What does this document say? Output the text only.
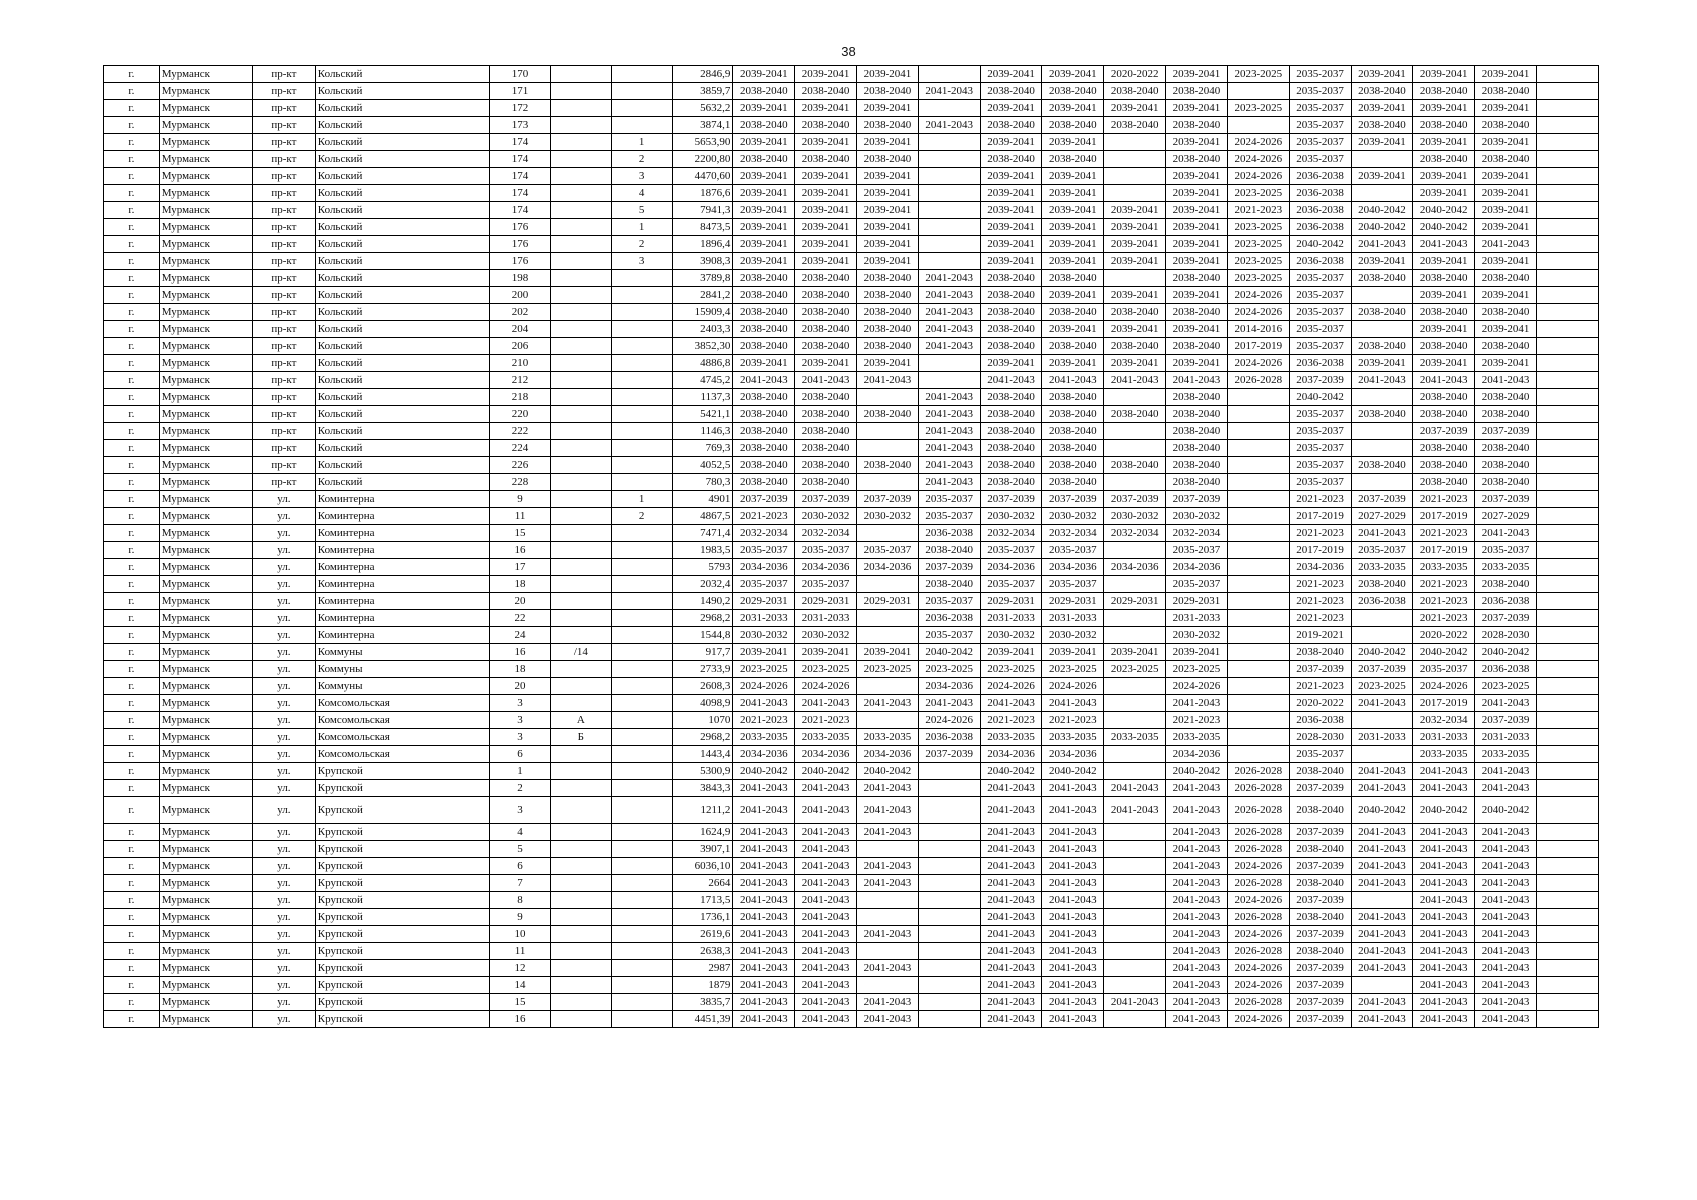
38
г.	Мурманск	пр-кт	Кольский	170			2846,9	2039-2041	2039-2041	2039-2041		2039-2041	2039-2041	2020-2022	2039-2041	2023-2025	2035-2037	2039-2041	2039-2041	2039-2041	
г.	Мурманск	пр-кт	Кольский	171			3859,7	2038-2040	2038-2040	2038-2040	2041-2043	2038-2040	2038-2040	2038-2040	2038-2040		2035-2037	2038-2040	2038-2040	2038-2040	
г.	Мурманск	пр-кт	Кольский	172			5632,2	2039-2041	2039-2041	2039-2041		2039-2041	2039-2041	2039-2041	2039-2041	2023-2025	2035-2037	2039-2041	2039-2041	2039-2041	
г.	Мурманск	пр-кт	Кольский	173			3874,1	2038-2040	2038-2040	2038-2040	2041-2043	2038-2040	2038-2040	2038-2040	2038-2040		2035-2037	2038-2040	2038-2040	2038-2040	
г.	Мурманск	пр-кт	Кольский	174		1	5653,90	2039-2041	2039-2041	2039-2041		2039-2041	2039-2041		2039-2041	2024-2026	2035-2037	2039-2041	2039-2041	2039-2041	
г.	Мурманск	пр-кт	Кольский	174		2	2200,80	2038-2040	2038-2040	2038-2040		2038-2040	2038-2040		2038-2040	2024-2026	2035-2037		2038-2040	2038-2040	
г.	Мурманск	пр-кт	Кольский	174		3	4470,60	2039-2041	2039-2041	2039-2041		2039-2041	2039-2041		2039-2041	2024-2026	2036-2038	2039-2041	2039-2041	2039-2041	
г.	Мурманск	пр-кт	Кольский	174		4	1876,6	2039-2041	2039-2041	2039-2041		2039-2041	2039-2041		2039-2041	2023-2025	2036-2038		2039-2041	2039-2041	
г.	Мурманск	пр-кт	Кольский	174		5	7941,3	2039-2041	2039-2041	2039-2041		2039-2041	2039-2041	2039-2041	2039-2041	2021-2023	2036-2038	2040-2042	2040-2042	2039-2041	
г.	Мурманск	пр-кт	Кольский	176		1	8473,5	2039-2041	2039-2041	2039-2041		2039-2041	2039-2041	2039-2041	2039-2041	2023-2025	2036-2038	2040-2042	2040-2042	2039-2041	
г.	Мурманск	пр-кт	Кольский	176		2	1896,4	2039-2041	2039-2041	2039-2041		2039-2041	2039-2041	2039-2041	2039-2041	2023-2025	2040-2042	2041-2043	2041-2043	2041-2043	
г.	Мурманск	пр-кт	Кольский	176		3	3908,3	2039-2041	2039-2041	2039-2041		2039-2041	2039-2041	2039-2041	2039-2041	2023-2025	2036-2038	2039-2041	2039-2041	2039-2041	
г.	Мурманск	пр-кт	Кольский	198			3789,8	2038-2040	2038-2040	2038-2040	2041-2043	2038-2040	2038-2040		2038-2040	2023-2025	2035-2037	2038-2040	2038-2040	2038-2040	
г.	Мурманск	пр-кт	Кольский	200			2841,2	2038-2040	2038-2040	2038-2040	2041-2043	2038-2040	2039-2041	2039-2041	2039-2041	2024-2026	2035-2037		2039-2041	2039-2041	
г.	Мурманск	пр-кт	Кольский	202			15909,4	2038-2040	2038-2040	2038-2040	2041-2043	2038-2040	2038-2040	2038-2040	2038-2040	2024-2026	2035-2037	2038-2040	2038-2040	2038-2040	
г.	Мурманск	пр-кт	Кольский	204			2403,3	2038-2040	2038-2040	2038-2040	2041-2043	2038-2040	2039-2041	2039-2041	2039-2041	2014-2016	2035-2037		2039-2041	2039-2041	
г.	Мурманск	пр-кт	Кольский	206			3852,30	2038-2040	2038-2040	2038-2040	2041-2043	2038-2040	2038-2040	2038-2040	2038-2040	2017-2019	2035-2037	2038-2040	2038-2040	2038-2040	
г.	Мурманск	пр-кт	Кольский	210			4886,8	2039-2041	2039-2041	2039-2041		2039-2041	2039-2041	2039-2041	2039-2041	2024-2026	2036-2038	2039-2041	2039-2041	2039-2041	
г.	Мурманск	пр-кт	Кольский	212			4745,2	2041-2043	2041-2043	2041-2043		2041-2043	2041-2043	2041-2043	2041-2043	2026-2028	2037-2039	2041-2043	2041-2043	2041-2043	
г.	Мурманск	пр-кт	Кольский	218			1137,3	2038-2040	2038-2040		2041-2043	2038-2040	2038-2040		2038-2040		2040-2042		2038-2040	2038-2040	
г.	Мурманск	пр-кт	Кольский	220			5421,1	2038-2040	2038-2040	2038-2040	2041-2043	2038-2040	2038-2040	2038-2040	2038-2040		2035-2037	2038-2040	2038-2040	2038-2040	
г.	Мурманск	пр-кт	Кольский	222			1146,3	2038-2040	2038-2040		2041-2043	2038-2040	2038-2040		2038-2040		2035-2037		2037-2039	2037-2039	
г.	Мурманск	пр-кт	Кольский	224			769,3	2038-2040	2038-2040		2041-2043	2038-2040	2038-2040		2038-2040		2035-2037		2038-2040	2038-2040	
г.	Мурманск	пр-кт	Кольский	226			4052,5	2038-2040	2038-2040	2038-2040	2041-2043	2038-2040	2038-2040	2038-2040	2038-2040		2035-2037	2038-2040	2038-2040	2038-2040	
г.	Мурманск	пр-кт	Кольский	228			780,3	2038-2040	2038-2040		2041-2043	2038-2040	2038-2040		2038-2040		2035-2037		2038-2040	2038-2040	
г.	Мурманск	ул.	Коминтерна	9		1	4901	2037-2039	2037-2039	2037-2039	2035-2037	2037-2039	2037-2039	2037-2039	2037-2039		2021-2023	2037-2039	2021-2023	2037-2039	
г.	Мурманск	ул.	Коминтерна	11		2	4867,5	2021-2023	2030-2032	2030-2032	2035-2037	2030-2032	2030-2032	2030-2032	2030-2032		2017-2019	2027-2029	2017-2019	2027-2029	
г.	Мурманск	ул.	Коминтерна	15			7471,4	2032-2034	2032-2034		2036-2038	2032-2034	2032-2034	2032-2034	2032-2034		2021-2023	2041-2043	2021-2023	2041-2043	
г.	Мурманск	ул.	Коминтерна	16			1983,5	2035-2037	2035-2037	2035-2037	2038-2040	2035-2037	2035-2037		2035-2037		2017-2019	2035-2037	2017-2019	2035-2037	
г.	Мурманск	ул.	Коминтерна	17			5793	2034-2036	2034-2036	2034-2036	2037-2039	2034-2036	2034-2036	2034-2036	2034-2036		2034-2036	2033-2035	2033-2035	2033-2035	
г.	Мурманск	ул.	Коминтерна	18			2032,4	2035-2037	2035-2037		2038-2040	2035-2037	2035-2037		2035-2037		2021-2023	2038-2040	2021-2023	2038-2040	
г.	Мурманск	ул.	Коминтерна	20			1490,2	2029-2031	2029-2031	2029-2031	2035-2037	2029-2031	2029-2031	2029-2031	2029-2031		2021-2023	2036-2038	2021-2023	2036-2038	
г.	Мурманск	ул.	Коминтерна	22			2968,2	2031-2033	2031-2033		2036-2038	2031-2033	2031-2033		2031-2033		2021-2023		2021-2023	2037-2039	
г.	Мурманск	ул.	Коминтерна	24			1544,8	2030-2032	2030-2032		2035-2037	2030-2032	2030-2032		2030-2032		2019-2021		2020-2022	2028-2030	
г.	Мурманск	ул.	Коммуны	16	/14		917,7	2039-2041	2039-2041	2039-2041	2040-2042	2039-2041	2039-2041	2039-2041	2039-2041		2038-2040	2040-2042	2040-2042	2040-2042	
г.	Мурманск	ул.	Коммуны	18			2733,9	2023-2025	2023-2025	2023-2025	2023-2025	2023-2025	2023-2025	2023-2025	2023-2025		2037-2039	2037-2039	2035-2037	2036-2038	
г.	Мурманск	ул.	Коммуны	20			2608,3	2024-2026	2024-2026		2034-2036	2024-2026	2024-2026		2024-2026		2021-2023	2023-2025	2024-2026	2023-2025	
г.	Мурманск	ул.	Комсомольская	3			4098,9	2041-2043	2041-2043	2041-2043	2041-2043	2041-2043	2041-2043		2041-2043		2020-2022	2041-2043	2017-2019	2041-2043	
г.	Мурманск	ул.	Комсомольская	3	А		1070	2021-2023	2021-2023		2024-2026	2021-2023	2021-2023		2021-2023		2036-2038		2032-2034	2037-2039	
г.	Мурманск	ул.	Комсомольская	3	Б		2968,2	2033-2035	2033-2035	2033-2035	2036-2038	2033-2035	2033-2035	2033-2035	2033-2035		2028-2030	2031-2033	2031-2033	2031-2033	
г.	Мурманск	ул.	Комсомольская	6			1443,4	2034-2036	2034-2036	2034-2036	2037-2039	2034-2036	2034-2036		2034-2036		2035-2037		2033-2035	2033-2035	
г.	Мурманск	ул.	Крупской	1			5300,9	2040-2042	2040-2042	2040-2042		2040-2042	2040-2042		2040-2042	2026-2028	2038-2040	2041-2043	2041-2043	2041-2043	
г.	Мурманск	ул.	Крупской	2			3843,3	2041-2043	2041-2043	2041-2043		2041-2043	2041-2043	2041-2043	2041-2043	2026-2028	2037-2039	2041-2043	2041-2043	2041-2043	
г.	Мурманск	ул.	Крупской	3			1211,2	2041-2043	2041-2043	2041-2043		2041-2043	2041-2043	2041-2043	2041-2043	2026-2028	2038-2040	2040-2042	2040-2042	2040-2042	
г.	Мурманск	ул.	Крупской	4			1624,9	2041-2043	2041-2043	2041-2043		2041-2043	2041-2043		2041-2043	2026-2028	2037-2039	2041-2043	2041-2043	2041-2043	
г.	Мурманск	ул.	Крупской	5			3907,1	2041-2043	2041-2043			2041-2043	2041-2043		2041-2043	2026-2028	2038-2040	2041-2043	2041-2043	2041-2043	
г.	Мурманск	ул.	Крупской	6			6036,10	2041-2043	2041-2043	2041-2043		2041-2043	2041-2043		2041-2043	2024-2026	2037-2039	2041-2043	2041-2043	2041-2043	
г.	Мурманск	ул.	Крупской	7			2664	2041-2043	2041-2043	2041-2043		2041-2043	2041-2043		2041-2043	2026-2028	2038-2040	2041-2043	2041-2043	2041-2043	
г.	Мурманск	ул.	Крупской	8			1713,5	2041-2043	2041-2043			2041-2043	2041-2043		2041-2043	2024-2026	2037-2039		2041-2043	2041-2043	
г.	Мурманск	ул.	Крупской	9			1736,1	2041-2043	2041-2043			2041-2043	2041-2043		2041-2043	2026-2028	2038-2040	2041-2043	2041-2043	2041-2043	
г.	Мурманск	ул.	Крупской	10			2619,6	2041-2043	2041-2043	2041-2043		2041-2043	2041-2043		2041-2043	2024-2026	2037-2039	2041-2043	2041-2043	2041-2043	
г.	Мурманск	ул.	Крупской	11			2638,3	2041-2043	2041-2043			2041-2043	2041-2043		2041-2043	2026-2028	2038-2040	2041-2043	2041-2043	2041-2043	
г.	Мурманск	ул.	Крупской	12			2987	2041-2043	2041-2043	2041-2043		2041-2043	2041-2043		2041-2043	2024-2026	2037-2039	2041-2043	2041-2043	2041-2043	
г.	Мурманск	ул.	Крупской	14			1879	2041-2043	2041-2043			2041-2043	2041-2043		2041-2043	2024-2026	2037-2039		2041-2043	2041-2043	
г.	Мурманск	ул.	Крупской	15			3835,7	2041-2043	2041-2043	2041-2043		2041-2043	2041-2043	2041-2043	2041-2043	2026-2028	2037-2039	2041-2043	2041-2043	2041-2043	
г.	Мурманск	ул.	Крупской	16			4451,39	2041-2043	2041-2043	2041-2043		2041-2043	2041-2043		2041-2043	2024-2026	2037-2039	2041-2043	2041-2043	2041-2043	
